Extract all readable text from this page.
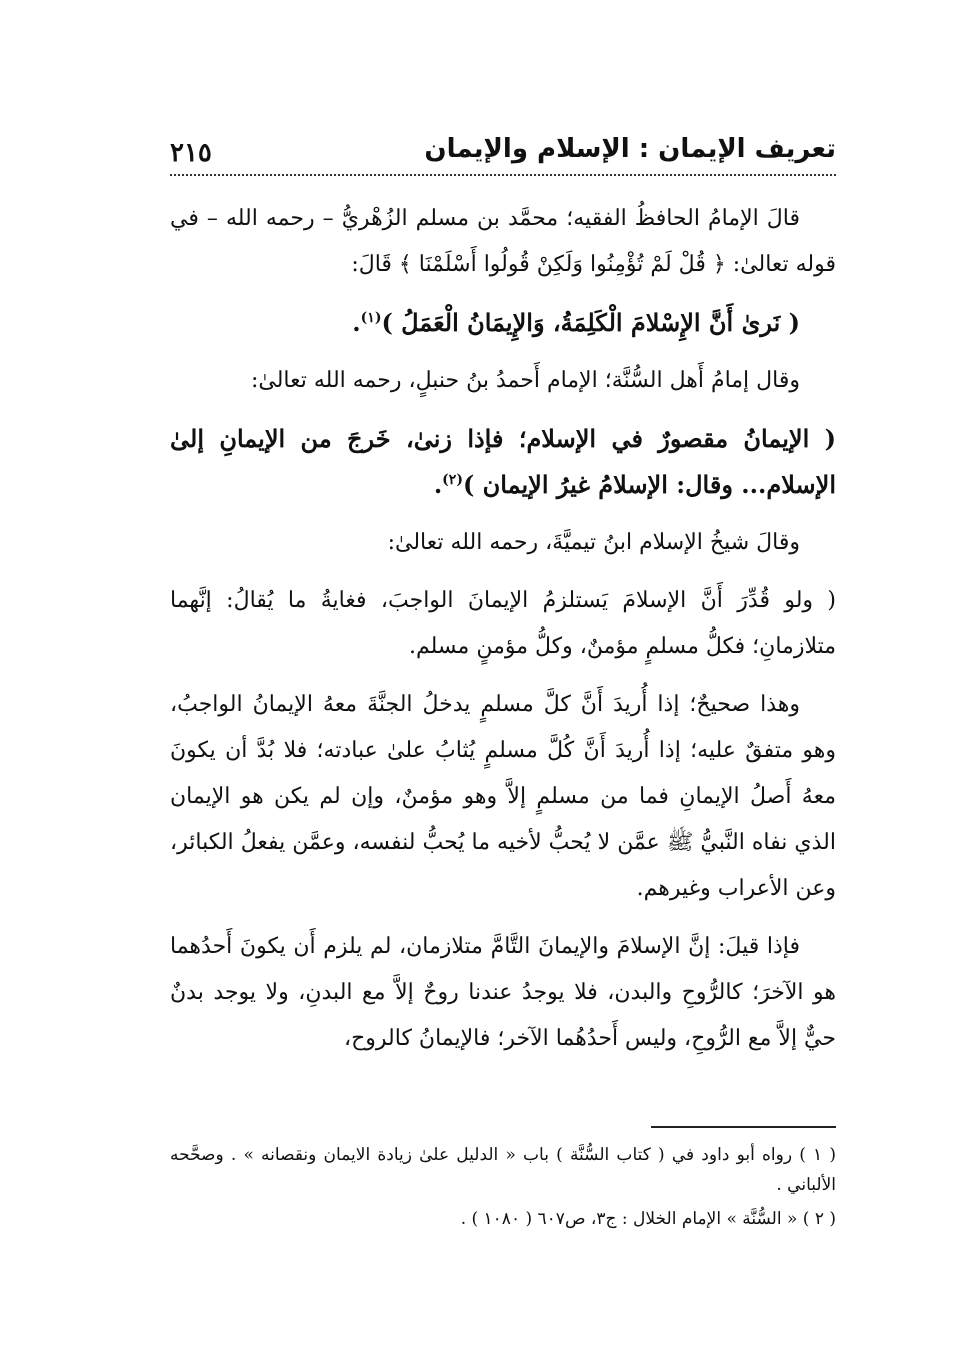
تعريف الإيمان : الإسلام والإيمان
٢١٥

قالَ الإمامُ الحافظُ الفقيه؛ محمَّد بن مسلم الزُهْريُّ – رحمه الله – في قوله تعالىٰ: ﴿ قُلْ لَمْ تُؤْمِنُوا وَلَكِنْ قُولُوا أَسْلَمْنَا ﴾ قَالَ:

( نَرىٰ أَنَّ الإِسْلامَ الْكَلِمَةُ، وَالإِيمَانُ الْعَمَلُ )$^{(١)}$.

وقال إمامُ أَهل السُّنَّة؛ الإمام أَحمدُ بنُ حنبلٍ، رحمه الله تعالىٰ:

( الإيمانُ مقصورٌ في الإسلام؛ فإذا زنىٰ، خَرجَ من الإيمانِ إلىٰ الإسلام... وقال: الإسلامُ غيرُ الإيمان )$^{(٢)}$.

وقالَ شيخُ الإسلام ابنُ تيميَّةَ، رحمه الله تعالىٰ:

( ولو قُدِّرَ أَنَّ الإسلامَ يَستلزمُ الإيمانَ الواجبَ، فغايةُ ما يُقالُ: إنَّهما متلازمانِ؛ فكلُّ مسلمٍ مؤمنٌ، وكلُّ مؤمنٍ مسلم.

وهذا صحيحٌ؛ إذا أُريدَ أَنَّ كلَّ مسلمٍ يدخلُ الجنَّةَ معهُ الإيمانُ الواجبُ، وهو متفقٌ عليه؛ إذا أُريدَ أَنَّ كُلَّ مسلمٍ يُثابُ علىٰ عبادته؛ فلا بُدَّ أن يكونَ معهُ أَصلُ الإيمانِ فما من مسلمٍ إلاَّ وهو مؤمنٌ، وإن لم يكن هو الإيمان الذي نفاه النَّبيُّ ﷺ عمَّن لا يُحبُّ لأخيه ما يُحبُّ لنفسه، وعمَّن يفعلُ الكبائر، وعن الأعراب وغيرهم.

فإذا قيلَ: إنَّ الإسلامَ والإيمانَ التَّامَّ متلازمان، لم يلزم أَن يكونَ أَحدُهما هو الآخرَ؛ كالرُّوحِ والبدن، فلا يوجدُ عندنا روحٌ إلاَّ مع البدنِ، ولا يوجد بدنٌ حيٌّ إلاَّ مع الرُّوحِ، وليس أَحدُهُما الآخر؛ فالإيمانُ كالروح،

( ١ ) رواه أبو داود في ( كتاب السُّنَّة ) باب « الدليل علىٰ زيادة الايمان ونقصانه » . وصحَّحه الألباني .

( ٢ ) « السُّنَّة » الإمام الخلال : ج٣، ص٦٠٧ ( ١٠٨٠ ) .
